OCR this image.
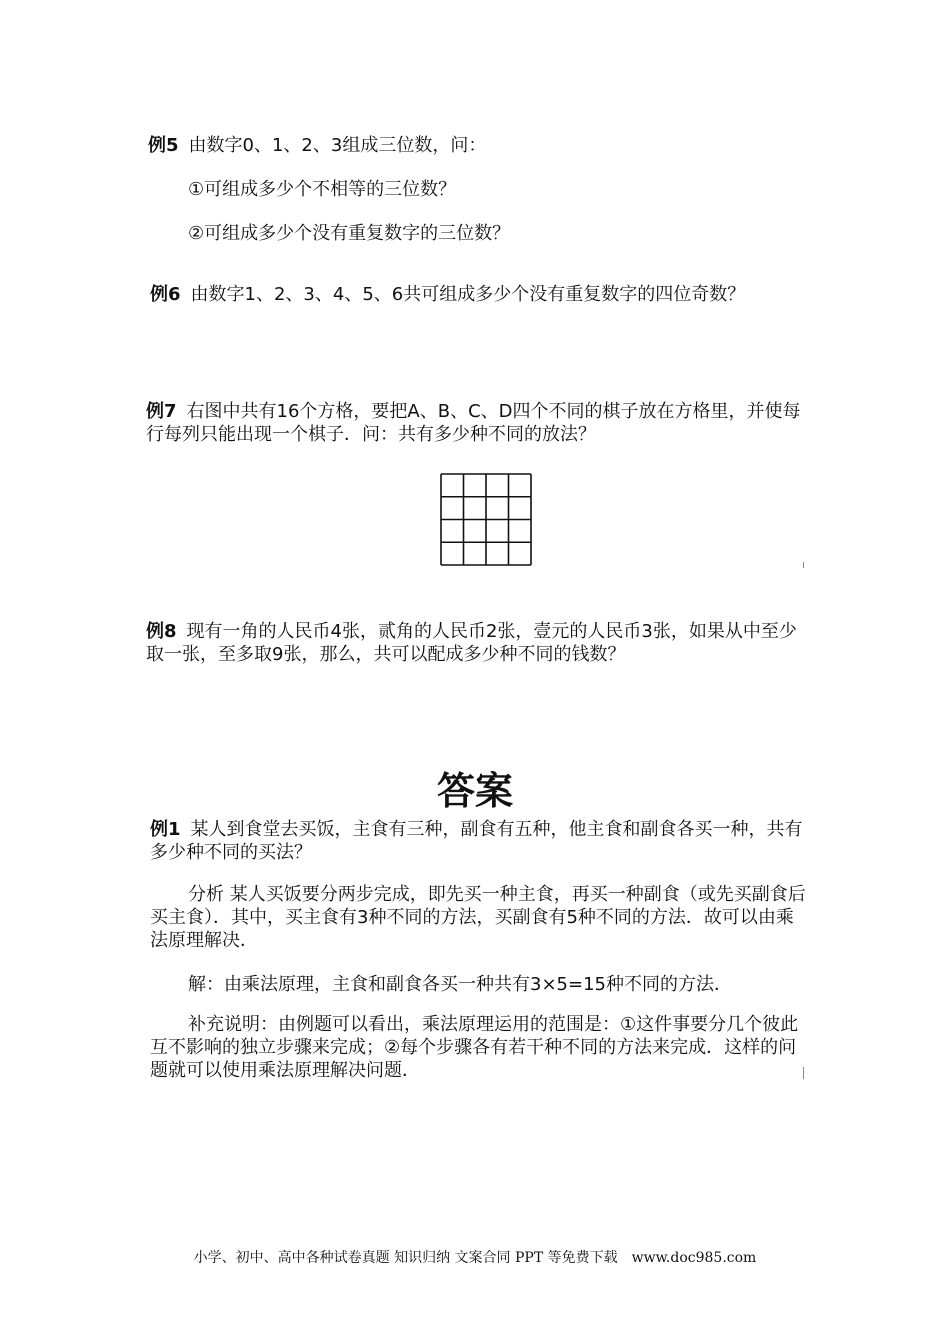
例5 由数字0、1、2、3组成三位数，问：
①可组成多少个不相等的三位数？
②可组成多少个没有重复数字的三位数？
例6 由数字1、2、3、4、5、6共可组成多少个没有重复数字的四位奇数？
例7 右图中共有16个方格，要把A、B、C、D四个不同的棋子放在方格里，并使每行每列只能出现一个棋子．问：共有多少种不同的放法？
例8 现有一角的人民币4张，贰角的人民币2张，壹元的人民币3张，如果从中至少取一张，至多取9张，那么，共可以配成多少种不同的钱数？
答案
例1 某人到食堂去买饭，主食有三种，副食有五种，他主食和副食各买一种，共有多少种不同的买法？
分析 某人买饭要分两步完成，即先买一种主食，再买一种副食（或先买副食后买主食）．其中，买主食有3种不同的方法，买副食有5种不同的方法．故可以由乘法原理解决．
解：由乘法原理，主食和副食各买一种共有3×5=15种不同的方法．
补充说明：由例题可以看出，乘法原理运用的范围是：①这件事要分几个彼此互不影响的独立步骤来完成；②每个步骤各有若干种不同的方法来完成．这样的问题就可以使用乘法原理解决问题．
小学、初中、高中各种试卷真题 知识归纳 文案合同 PPT 等免费下载　www.doc985.com
